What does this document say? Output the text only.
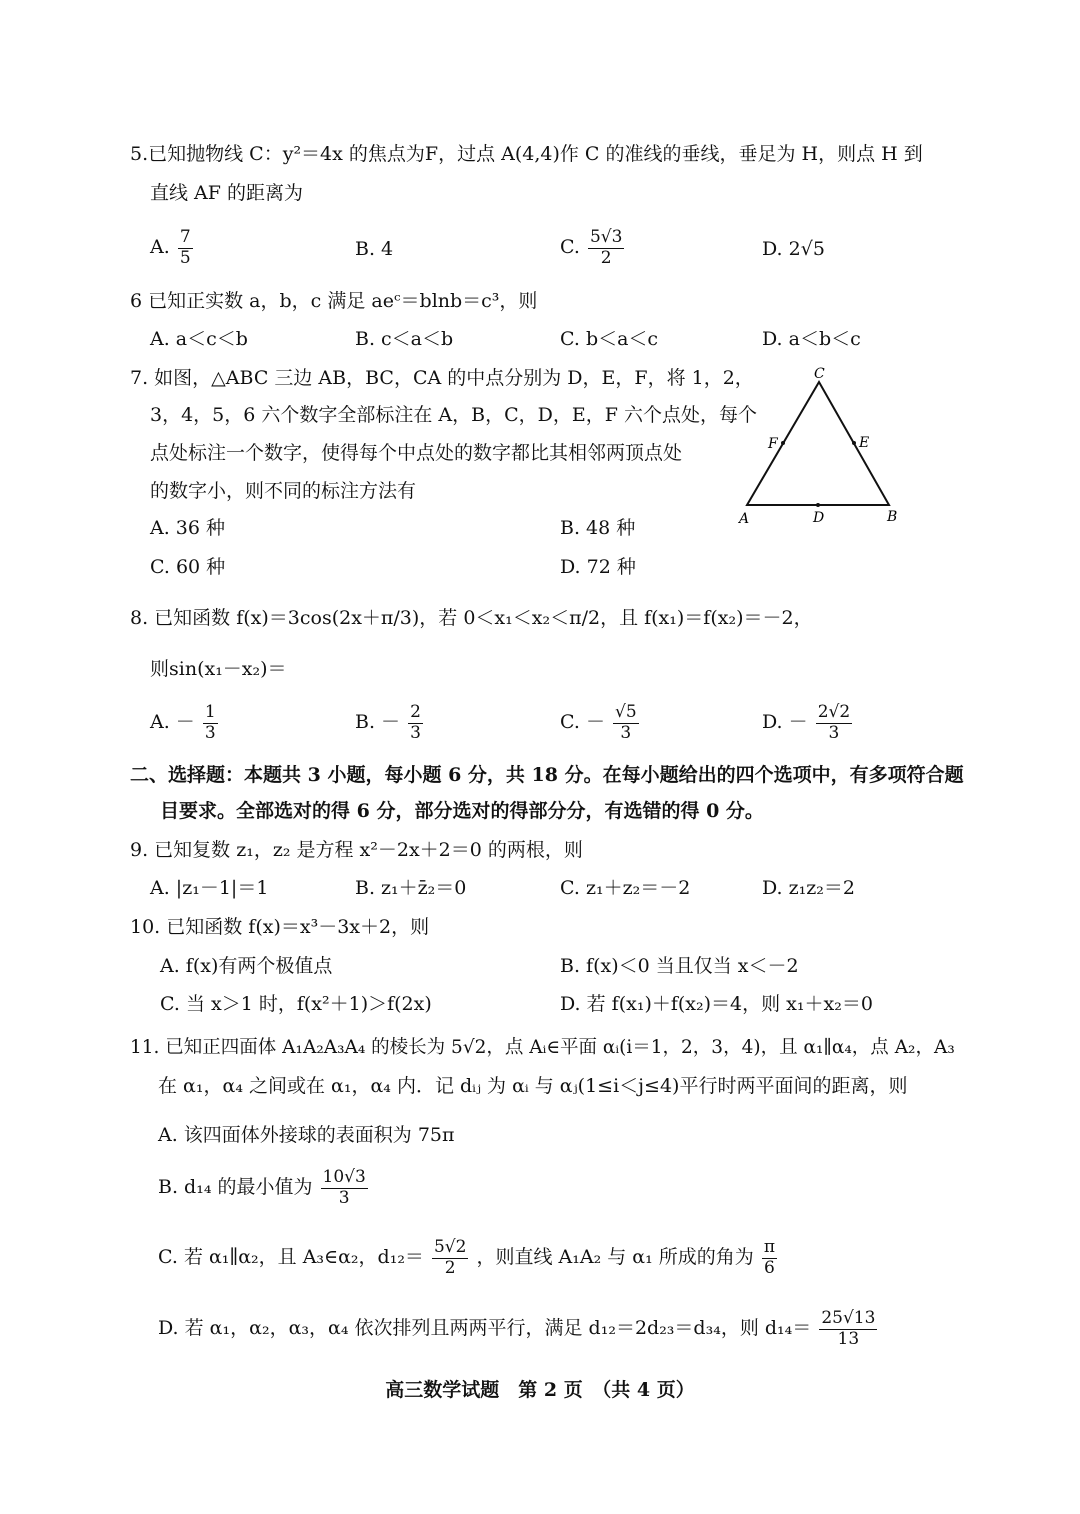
5.已知抛物线 C：y²＝4x 的焦点为F，过点 A(4,4)作 C 的准线的垂线，垂足为 H，则点 H 到
直线 AF 的距离为
A. $\frac{7}{5}$	B. 4	C. $\frac{5√3}{2}$	D. 2√5
6 已知正实数 a，b，c 满足 aeᶜ＝blnb＝c³，则
A. a＜c＜b	B. c＜a＜b	C. b＜a＜c	D. a＜b＜c
7. 如图，△ABC 三边 AB，BC，CA 的中点分别为 D，E，F，将 1，2，
3，4，5，6 六个数字全部标注在 A，B，C，D，E，F 六个点处，每个
点处标注一个数字，使得每个中点处的数字都比其相邻两顶点处
的数字小，则不同的标注方法有
A. 36 种	B. 48 种
C. 60 种	D. 72 种
A	B
C
D
E
F
8. 已知函数 f(x)＝3cos(2x＋π/3)，若 0＜x₁＜x₂＜π/2，且 f(x₁)＝f(x₂)＝－2，
则sin(x₁－x₂)＝
A. － $\frac{1}{3}$	B. － $\frac{2}{3}$	C. － $\frac{√5}{3}$	D. － $\frac{2√2}{3}$
二、选择题：本题共 3 小题，每小题 6 分，共 18 分。在每小题给出的四个选项中，有多项符合题
目要求。全部选对的得 6 分，部分选对的得部分分，有选错的得 0 分。
9. 已知复数 z₁，z₂ 是方程 x²－2x＋2＝0 的两根，则
A. |z₁－1|＝1	B. z₁＋z̄₂＝0	C. z₁＋z₂＝－2	D. z₁z₂＝2
10. 已知函数 f(x)＝x³－3x＋2，则
A. f(x)有两个极值点	B. f(x)＜0 当且仅当 x＜－2
C. 当 x＞1 时，f(x²＋1)＞f(2x)	D. 若 f(x₁)＋f(x₂)＝4，则 x₁＋x₂＝0
11. 已知正四面体 A₁A₂A₃A₄ 的棱长为 5√2，点 Aᵢ∈平面 αᵢ(i＝1，2，3，4)，且 α₁∥α₄，点 A₂，A₃
在 α₁，α₄ 之间或在 α₁，α₄ 内．记 dᵢⱼ 为 αᵢ 与 αⱼ(1≤i＜j≤4)平行时两平面间的距离，则
A. 该四面体外接球的表面积为 75π
B. d₁₄ 的最小值为 $\frac{10√3}{3}$
C. 若 α₁∥α₂，且 A₃∈α₂，$d_{12}= \frac{5√2}{2}$ ，则直线 A₁A₂ 与 α₁ 所成的角为 $\frac{\pi}{6}$
D. 若 α₁，α₂，α₃，α₄ 依次排列且两两平行，满足 d₁₂＝2d₂₃＝d₃₄，则 $d_{14}= \frac{25√13}{13}$
高三数学试题　第 2 页　（共 4 页）
